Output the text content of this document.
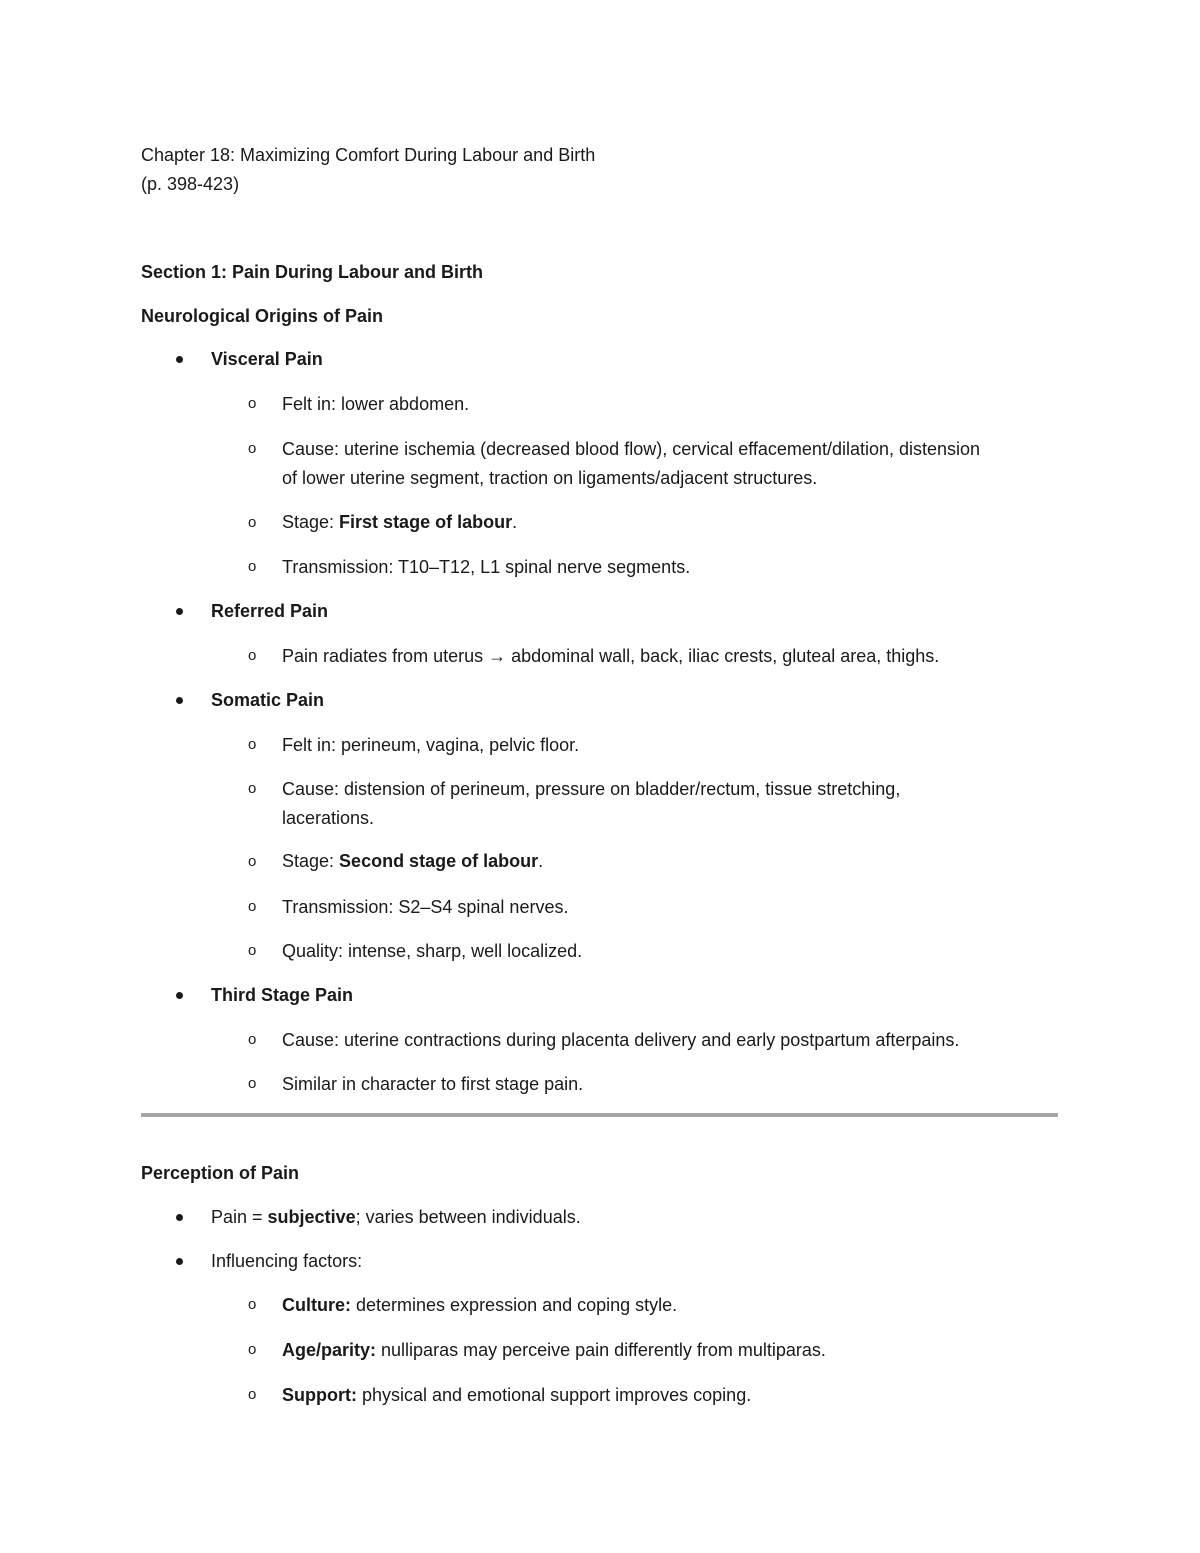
Chapter 18: Maximizing Comfort During Labour and Birth
(p. 398-423)
Section 1: Pain During Labour and Birth
Neurological Origins of Pain
Visceral Pain
o Felt in: lower abdomen.
o Cause: uterine ischemia (decreased blood flow), cervical effacement/dilation, distension
of lower uterine segment, traction on ligaments/adjacent structures.
o Stage: First stage of labour.
o Transmission: T10–T12, L1 spinal nerve segments.
Referred Pain
o Pain radiates from uterus → abdominal wall, back, iliac crests, gluteal area, thighs.
Somatic Pain
o Felt in: perineum, vagina, pelvic floor.
o Cause: distension of perineum, pressure on bladder/rectum, tissue stretching,
lacerations.
o Stage: Second stage of labour.
o Transmission: S2–S4 spinal nerves.
o Quality: intense, sharp, well localized.
Third Stage Pain
o Cause: uterine contractions during placenta delivery and early postpartum afterpains.
o Similar in character to first stage pain.
Perception of Pain
Pain = subjective; varies between individuals.
Influencing factors:
o Culture: determines expression and coping style.
o Age/parity: nulliparas may perceive pain differently from multiparas.
o Support: physical and emotional support improves coping.
